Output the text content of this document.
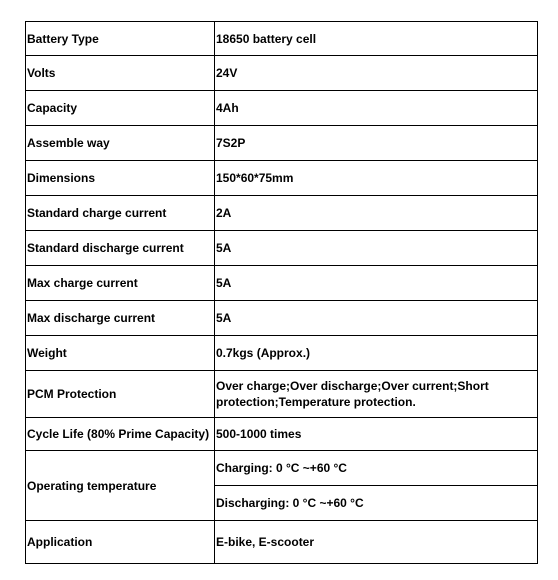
Battery Type	18650 battery cell
Volts	24V
Capacity	4Ah
Assemble way	7S2P
Dimensions	150*60*75mm
Standard charge current	2A
Standard discharge current	5A
Max charge current	5A
Max discharge current	5A
Weight	0.7kgs (Approx.)
PCM Protection	Over charge;Over discharge;Over current;Short protection;Temperature protection.
Cycle Life (80% Prime Capacity)	500-1000 times
Operating temperature	Charging: 0 °C ~+60 °C
	Discharging: 0 °C ~+60 °C
Application	E-bike, E-scooter
